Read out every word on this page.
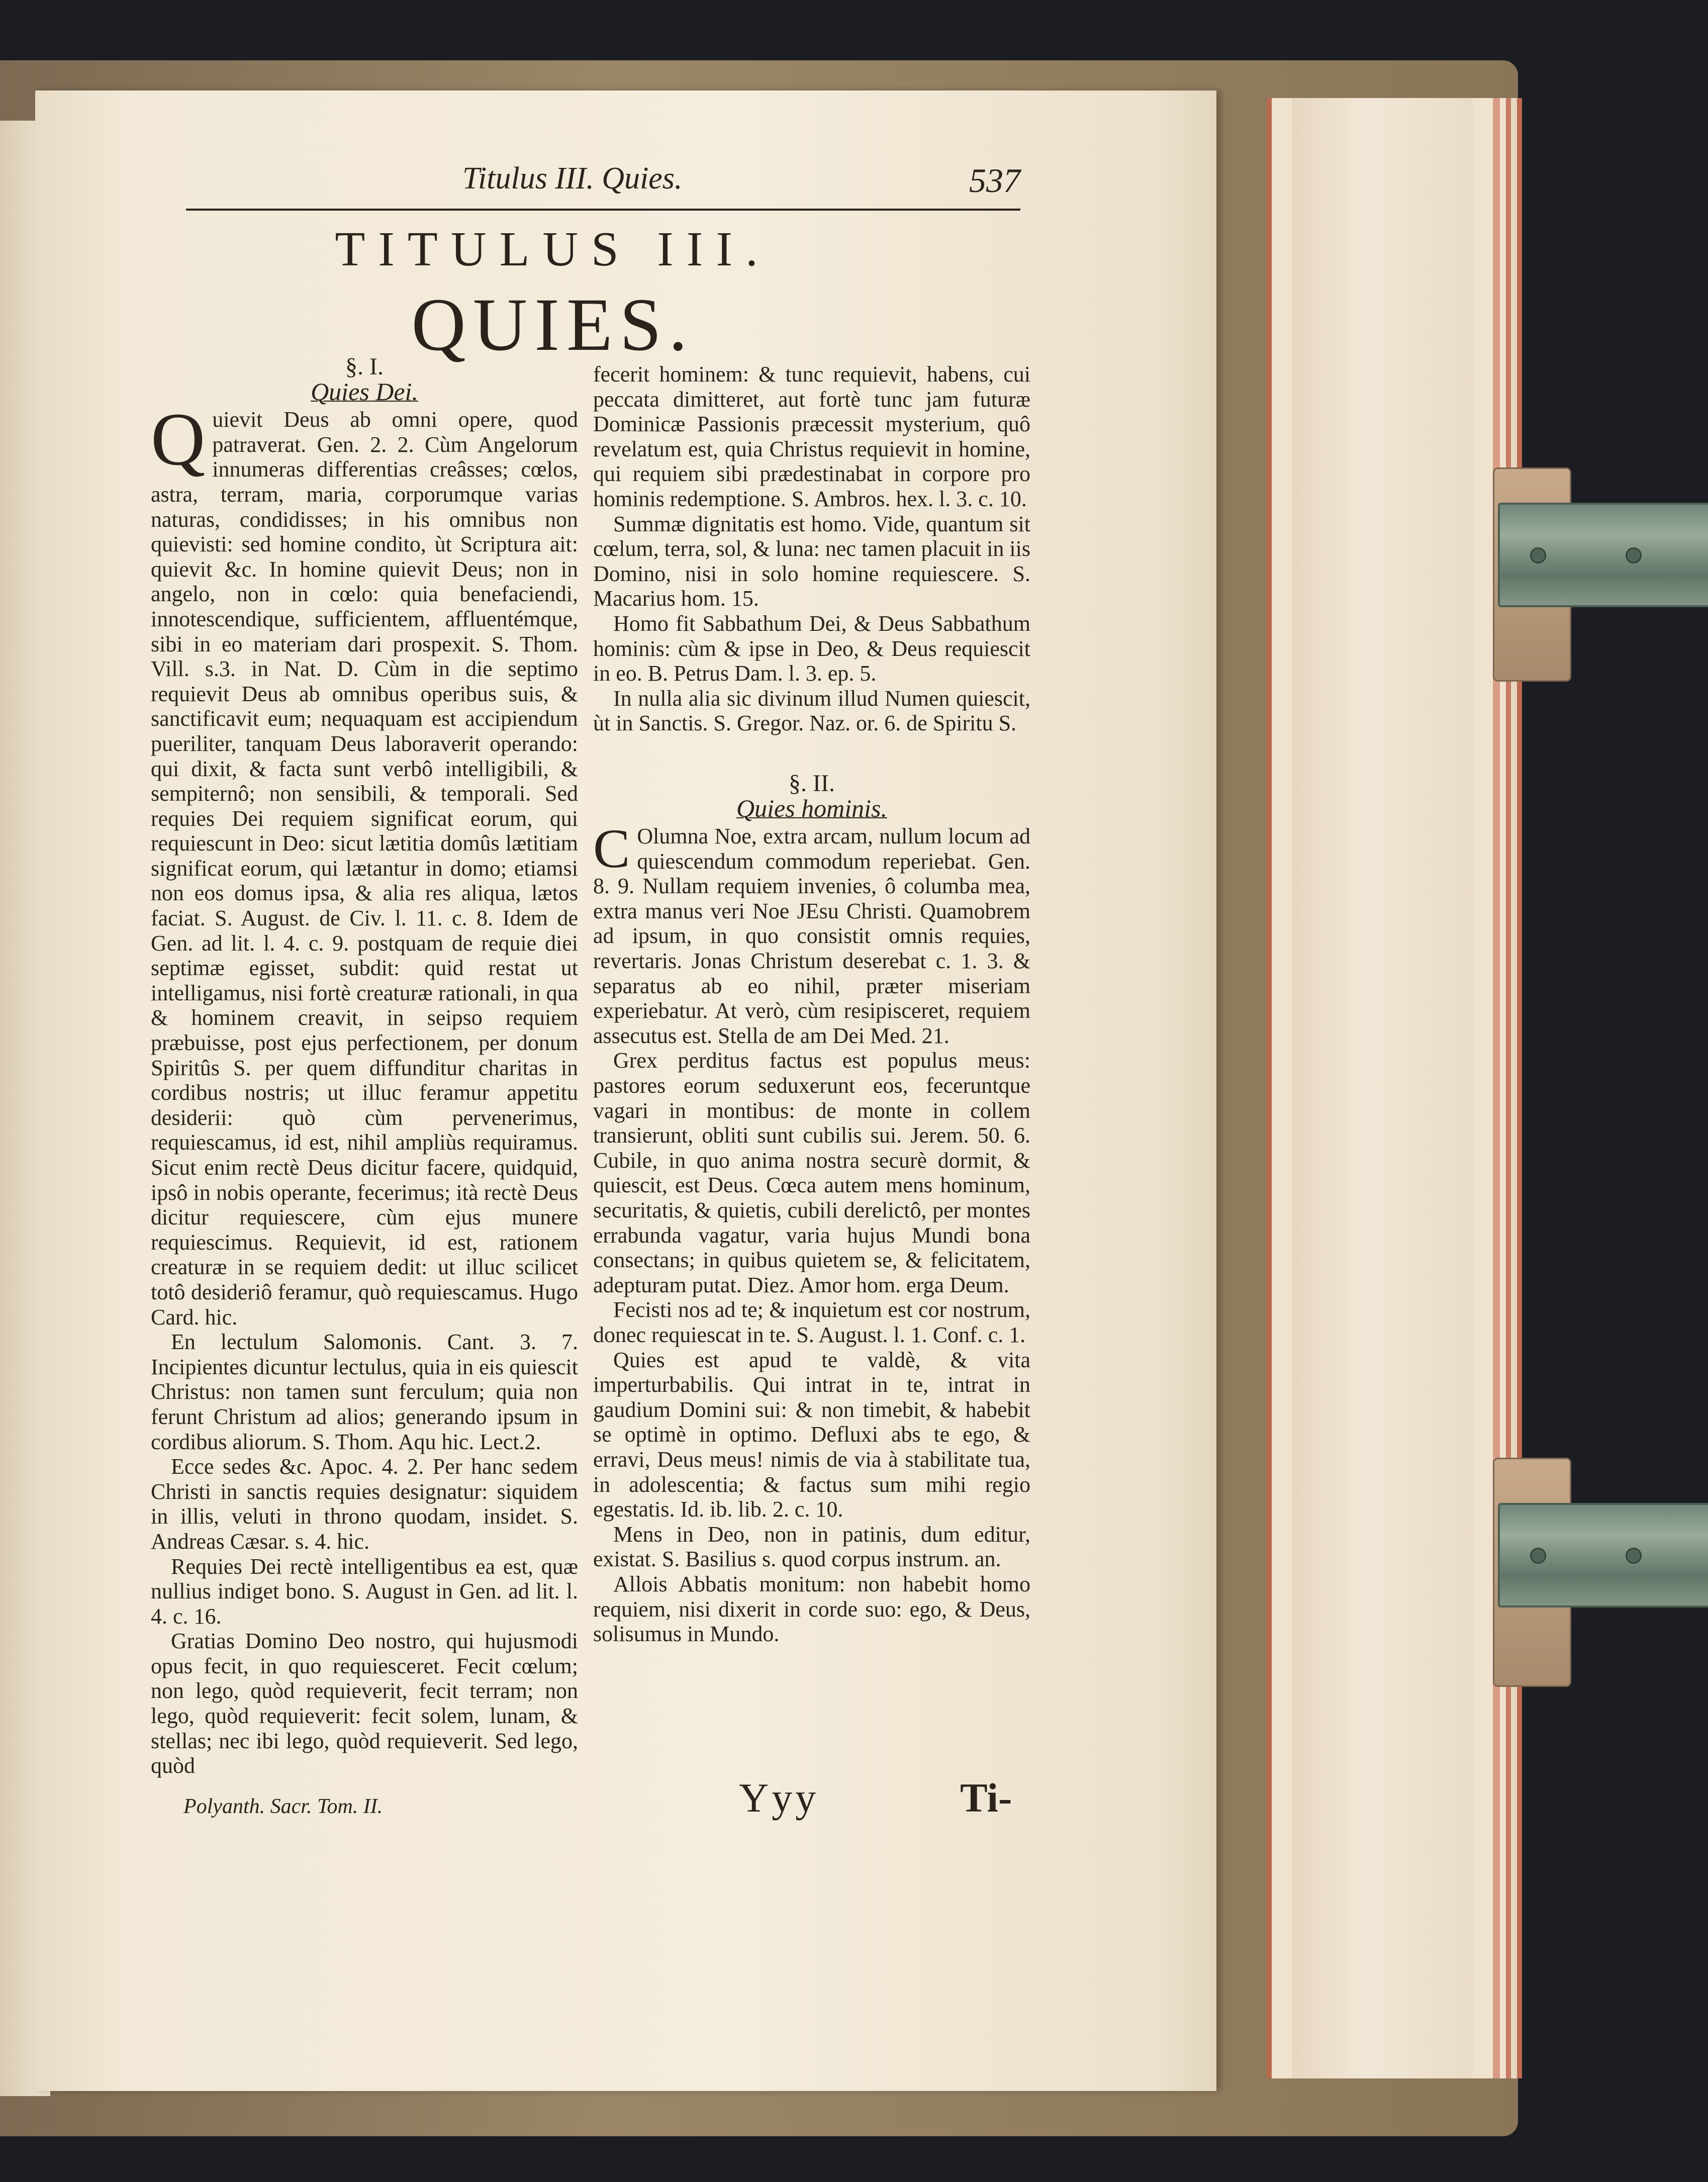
Titulus III. Quies.	537
TITULUS III.
QUIES.

§. I.

Quies Dei.

Quievit Deus ab omni opere, quod patraverat. Gen. 2. 2. Cùm Angelorum innumeras differentias creâsses; cœlos, astra, terram, maria, corporumque varias naturas, condidisses; in his omnibus non quievisti: sed homine condito, ùt Scriptura ait: quievit &c. In homine quievit Deus; non in angelo, non in cœlo: quia benefaciendi, innotescendique, sufficientem, affluentémque, sibi in eo materiam dari prospexit. S. Thom. Vill. s.3. in Nat. D. Cùm in die septimo requievit Deus ab omnibus operibus suis, & sanctificavit eum; nequaquam est accipiendum pueriliter, tanquam Deus laboraverit operando: qui dixit, & facta sunt verbô intelligibili, & sempiternô; non sensibili, & temporali. Sed requies Dei requiem significat eorum, qui requiescunt in Deo: sicut lætitia domûs lætitiam significat eorum, qui lætantur in domo; etiamsi non eos domus ipsa, & alia res aliqua, lætos faciat. S. August. de Civ. l. 11. c. 8. Idem de Gen. ad lit. l. 4. c. 9. postquam de requie diei septimæ egisset, subdit: quid restat ut intelligamus, nisi fortè creaturæ rationali, in qua & hominem creavit, in seipso requiem præbuisse, post ejus perfectionem, per donum Spiritûs S. per quem diffunditur charitas in cordibus nostris; ut illuc feramur appetitu desiderii: quò cùm pervenerimus, requiescamus, id est, nihil ampliùs requiramus. Sicut enim rectè Deus dicitur facere, quidquid, ipsô in nobis operante, fecerimus; ità rectè Deus dicitur requiescere, cùm ejus munere requiescimus. Requievit, id est, rationem creaturæ in se requiem dedit: ut illuc scilicet totô desideriô feramur, quò requiescamus. Hugo Card. hic.

En lectulum Salomonis. Cant. 3. 7. Incipientes dicuntur lectulus, quia in eis quiescit Christus: non tamen sunt ferculum; quia non ferunt Christum ad alios; generando ipsum in cordibus aliorum. S. Thom. Aqu hic. Lect.2.

Ecce sedes &c. Apoc. 4. 2. Per hanc sedem Christi in sanctis requies designatur: siquidem in illis, veluti in throno quodam, insidet. S. Andreas Cæsar. s. 4. hic.

Requies Dei rectè intelligentibus ea est, quæ nullius indiget bono. S. August in Gen. ad lit. l. 4. c. 16.

Gratias Domino Deo nostro, qui hujusmodi opus fecit, in quo requiesceret. Fecit cœlum; non lego, quòd requieverit, fecit terram; non lego, quòd requieverit: fecit solem, lunam, & stellas; nec ibi lego, quòd requieverit. Sed lego, quòd

fecerit hominem: & tunc requievit, habens, cui peccata dimitteret, aut fortè tunc jam futuræ Dominicæ Passionis præcessit mysterium, quô revelatum est, quia Christus requievit in homine, qui requiem sibi prædestinabat in corpore pro hominis redemptione. S. Ambros. hex. l. 3. c. 10.

Summæ dignitatis est homo. Vide, quantum sit cœlum, terra, sol, & luna: nec tamen placuit in iis Domino, nisi in solo homine requiescere. S. Macarius hom. 15.

Homo fit Sabbathum Dei, & Deus Sabbathum hominis: cùm & ipse in Deo, & Deus requiescit in eo. B. Petrus Dam. l. 3. ep. 5.

In nulla alia sic divinum illud Numen quiescit, ùt in Sanctis. S. Gregor. Naz. or. 6. de Spiritu S.

§. II.

Quies hominis.

C Olumna Noe, extra arcam, nullum locum ad quiescendum commodum reperiebat. Gen. 8. 9. Nullam requiem invenies, ô columba mea, extra manus veri Noe JEsu Christi. Quamobrem ad ipsum, in quo consistit omnis requies, revertaris. Jonas Christum deserebat c. 1. 3. & separatus ab eo nihil, præter miseriam experiebatur. At verò, cùm resipisceret, requiem assecutus est. Stella de am Dei Med. 21.

Grex perditus factus est populus meus: pastores eorum seduxerunt eos, feceruntque vagari in montibus: de monte in collem transierunt, obliti sunt cubilis sui. Jerem. 50. 6. Cubile, in quo anima nostra securè dormit, & quiescit, est Deus. Cœca autem mens hominum, securitatis, & quietis, cubili derelictô, per montes errabunda vagatur, varia hujus Mundi bona consectans; in quibus quietem se, & felicitatem, adepturam putat. Diez. Amor hom. erga Deum.

Fecisti nos ad te; & inquietum est cor nostrum, donec requiescat in te. S. August. l. 1. Conf. c. 1.

Quies est apud te valdè, & vita imperturbabilis. Qui intrat in te, intrat in gaudium Domini sui: & non timebit, & habebit se optimè in optimo. Defluxi abs te ego, & erravi, Deus meus! nimis de via à stabilitate tua, in adolescentia; & factus sum mihi regio egestatis. Id. ib. lib. 2. c. 10.

Mens in Deo, non in patinis, dum editur, existat. S. Basilius s. quod corpus instrum. an.

Allois Abbatis monitum: non habebit homo requiem, nisi dixerit in corde suo: ego, & Deus, solisumus in Mundo.

Polyanth. Sacr. Tom. II.	Yyy	Ti-
